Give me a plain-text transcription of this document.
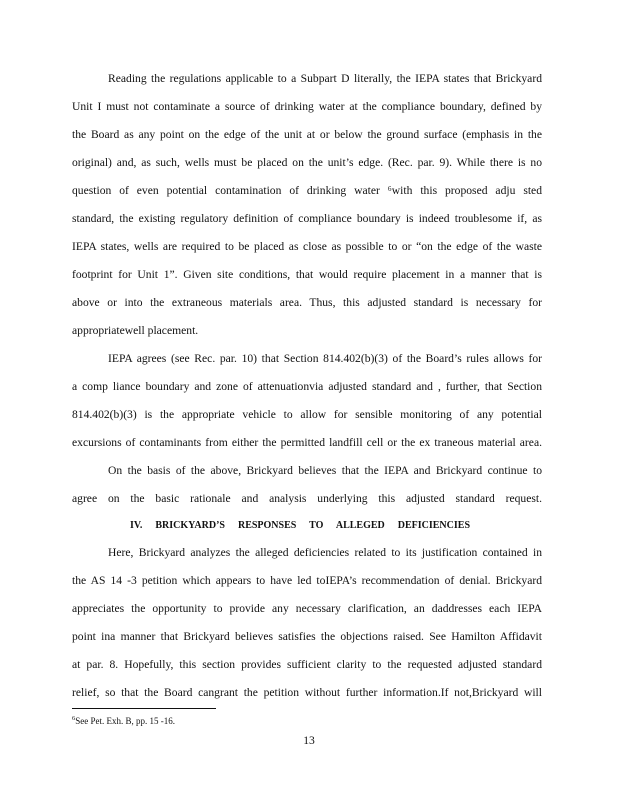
Reading the regulations applicable to a Subpart D literally, the IEPA states that Brickyard
Unit I must not contaminate a source of drinking water at the compliance boundary, defined by
the Board as any point on the edge of the unit at or below the ground surface (emphasis in the
original) and, as such, wells must be placed on the unit’s edge. (Rec. par. 9). While there is no
question of even potential contamination of drinking water ⁶with this proposed adju sted
standard, the existing regulatory definition of compliance boundary is indeed troublesome if, as
IEPA states, wells are required to be placed as close as possible to or “on the edge of the waste
footprint for Unit 1”. Given site conditions, that would require placement in a manner that is
above or into the extraneous materials area. Thus, this adjusted standard is necessary for
appropriatewell placement.
IEPA agrees (see Rec. par. 10) that Section 814.402(b)(3) of the Board’s rules allows for
a comp liance boundary and zone of attenuationvia adjusted standard and , further, that Section
814.402(b)(3) is the appropriate vehicle to allow for sensible monitoring of any potential
excursions of contaminants from either the permitted landfill cell or the ex traneous material area.
On the basis of the above, Brickyard believes that the IEPA and Brickyard continue to
agree on the basic rationale and analysis underlying this adjusted standard request.
IV. BRICKYARD’S RESPONSES TO ALLEGED DEFICIENCIES
Here, Brickyard analyzes the alleged deficiencies related to its justification contained in
the AS 14 -3 petition which appears to have led toIEPA’s recommendation of denial. Brickyard
appreciates the opportunity to provide any necessary clarification, an daddresses each IEPA
point ina manner that Brickyard believes satisfies the objections raised. See Hamilton Affidavit
at par. 8. Hopefully, this section provides sufficient clarity to the requested adjusted standard
relief, so that the Board cangrant the petition without further information.If not,Brickyard will
$^6$See Pet. Exh. B, pp. 15 -16.
13
